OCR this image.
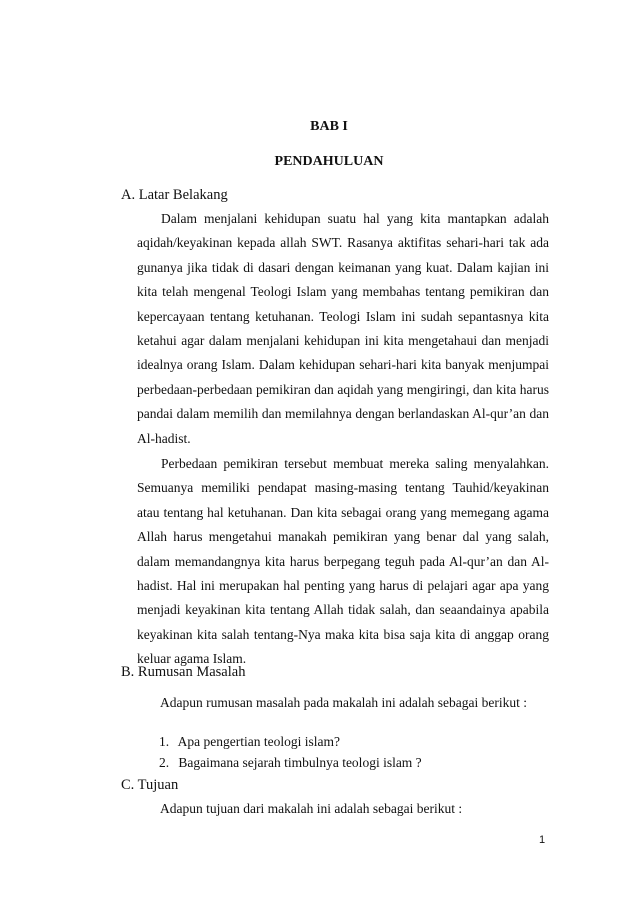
BAB I
PENDAHULUAN
A. Latar Belakang

Dalam menjalani kehidupan suatu hal yang kita mantapkan adalah aqidah/keyakinan kepada allah SWT. Rasanya aktifitas sehari-hari tak ada gunanya jika tidak di dasari dengan keimanan yang kuat. Dalam kajian ini kita telah mengenal Teologi Islam yang membahas tentang pemikiran dan kepercayaan tentang ketuhanan. Teologi Islam ini sudah sepantasnya kita ketahui agar dalam menjalani kehidupan ini kita mengetahaui dan menjadi idealnya orang Islam. Dalam kehidupan sehari-hari kita banyak menjumpai perbedaan-perbedaan pemikiran dan aqidah yang mengiringi, dan kita harus pandai dalam memilih dan memilahnya dengan berlandaskan Al-qur’an dan Al-hadist.

Perbedaan pemikiran tersebut membuat mereka saling menyalahkan. Semuanya memiliki pendapat masing-masing tentang Tauhid/keyakinan atau tentang hal ketuhanan. Dan kita sebagai orang yang memegang agama Allah harus mengetahui manakah pemikiran yang benar dal yang salah, dalam memandangnya kita harus berpegang teguh pada Al-qur’an dan Al-hadist. Hal ini merupakan hal penting yang harus di pelajari agar apa yang menjadi keyakinan kita tentang Allah tidak salah, dan seaandainya apabila keyakinan kita salah tentang-Nya maka kita bisa saja kita di anggap orang keluar agama Islam.

B. Rumusan Masalah
Adapun rumusan masalah pada makalah ini adalah sebagai berikut :
1. Apa pengertian teologi islam?
2. Bagaimana sejarah timbulnya teologi islam ?
C. Tujuan
Adapun tujuan dari makalah ini adalah sebagai berikut :
1
